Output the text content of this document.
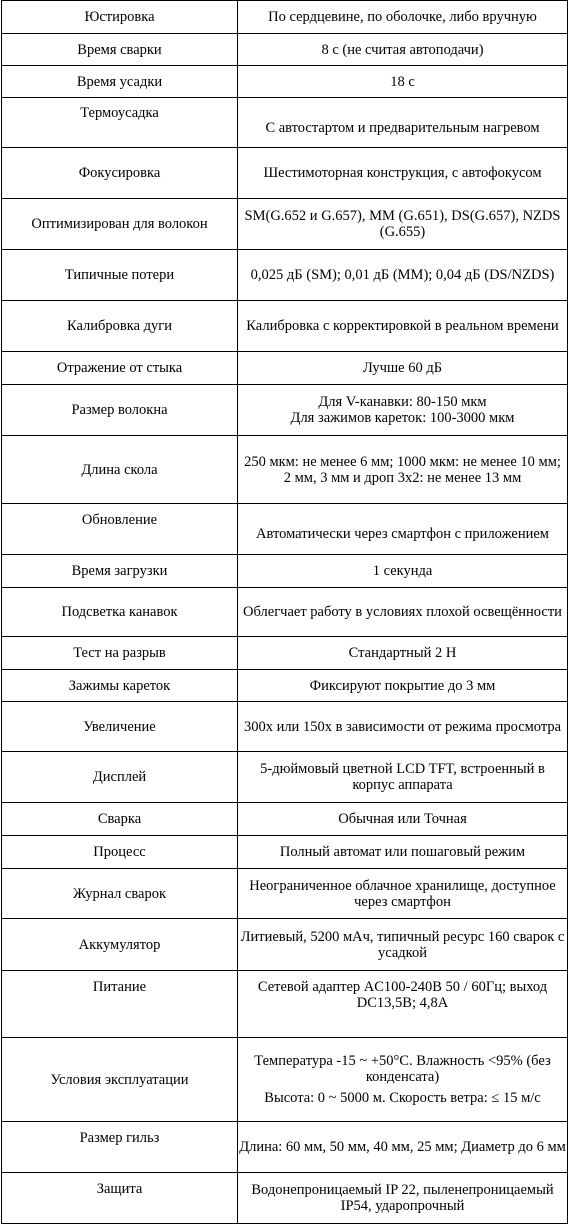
Юстировка	По сердцевине, по оболочке, либо вручную
Время сварки	8 с (не считая автоподачи)
Время усадки	18 с
Термоусадка	С автостартом и предварительным нагревом
Фокусировка	Шестимоторная конструкция, с автофокусом
Оптимизирован для волокон	SM(G.652 и G.657), MM (G.651), DS(G.657), NZDS (G.655)
Типичные потери	0,025 дБ (SM); 0,01 дБ (MM); 0,04 дБ (DS/NZDS)
Калибровка дуги	Калибровка с корректировкой в реальном времени
Отражение от стыка	Лучше 60 дБ
Размер волокна	Для V-канавки: 80-150 мкм
Для зажимов кареток: 100-3000 мкм

Длина скола	250 мкм: не менее 6 мм; 1000 мкм: не менее 10 мм;
2 мм, 3 мм и дроп 3х2: не менее 13 мм

Обновление	Автоматически через смартфон с приложением
Время загрузки	1 секунда
Подсветка канавок	Облегчает работу в условиях плохой освещённости
Тест на разрыв	Стандартный 2 Н
Зажимы кареток	Фиксируют покрытие до 3 мм
Увеличение	300х или 150х в зависимости от режима просмотра
Дисплей	5-дюймовый цветной LCD TFT, встроенный в корпус аппарата
Сварка	Обычная или Точная
Процесс	Полный автомат или пошаговый режим
Журнал сварок	Неограниченное облачное хранилище, доступное через смартфон
Аккумулятор	Литиевый, 5200 мАч, типичный ресурс 160 сварок с усадкой
Питание	Сетевой адаптер AC100-240B 50 / 60Гц; выход DC13,5B; 4,8A
Условия эксплуатации	Температура -15 ~ +50°C. Влажность <95% (без конденсата)
Высота: 0 ~ 5000 м. Скорость ветра: ≤ 15 м/с

Размер гильз	Длина: 60 мм, 50 мм, 40 мм, 25 мм; Диаметр до 6 мм
Защита	Водонепроницаемый IP 22, пыленепроницаемый IP54, ударопрочный
